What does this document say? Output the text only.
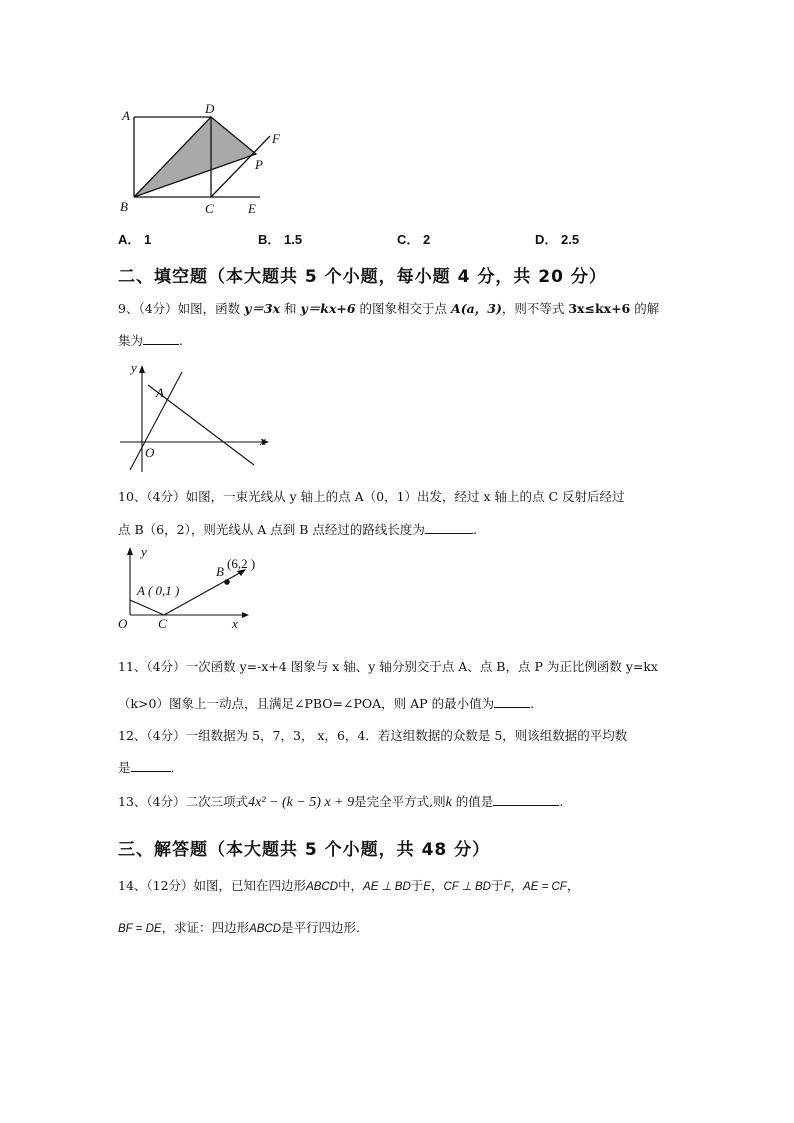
A	D
F
P
B	C	E
A． 1	B． 1.5	C． 2	D． 2.5
二、填空题（本大题共 5 个小题，每小题 4 分，共 20 分）
9、（4分）如图，函数 y＝3x 和 y＝kx+6 的图象相交于点 A(a，3)，则不等式 3x≤kx+6 的解
集为	.
y
x
A
O
10、（4分）如图，一束光线从 y 轴上的点 A（0，1）出发，经过 x 轴上的点 C 反射后经过
点 B（6，2），则光线从 A 点到 B 点经过的路线长度为	.
y
x
O C
A ( 0,1 )
B
(6,2 )
11、（4分）一次函数 y=-x+4 图象与 x 轴、y 轴分别交于点 A、点 B，点 P 为正比例函数 y=kx
（k>0）图象上一动点，且满足∠PBO=∠POA，则 AP 的最小值为	.
12、（4分）一组数据为 5，7，3， x，6，4．若这组数据的众数是 5，则该组数据的平均数
是	.
13、（4分）二次三项式4x² − (k − 5) x + 9是完全平方式,则k 的值是	.
三、解答题（本大题共 5 个小题，共 48 分）
14、（12分）如图，已知在四边形ABCD中，AE ⊥ BD于E，CF ⊥ BD于F，AE = CF，
BF = DE，求证：四边形ABCD是平行四边形.
